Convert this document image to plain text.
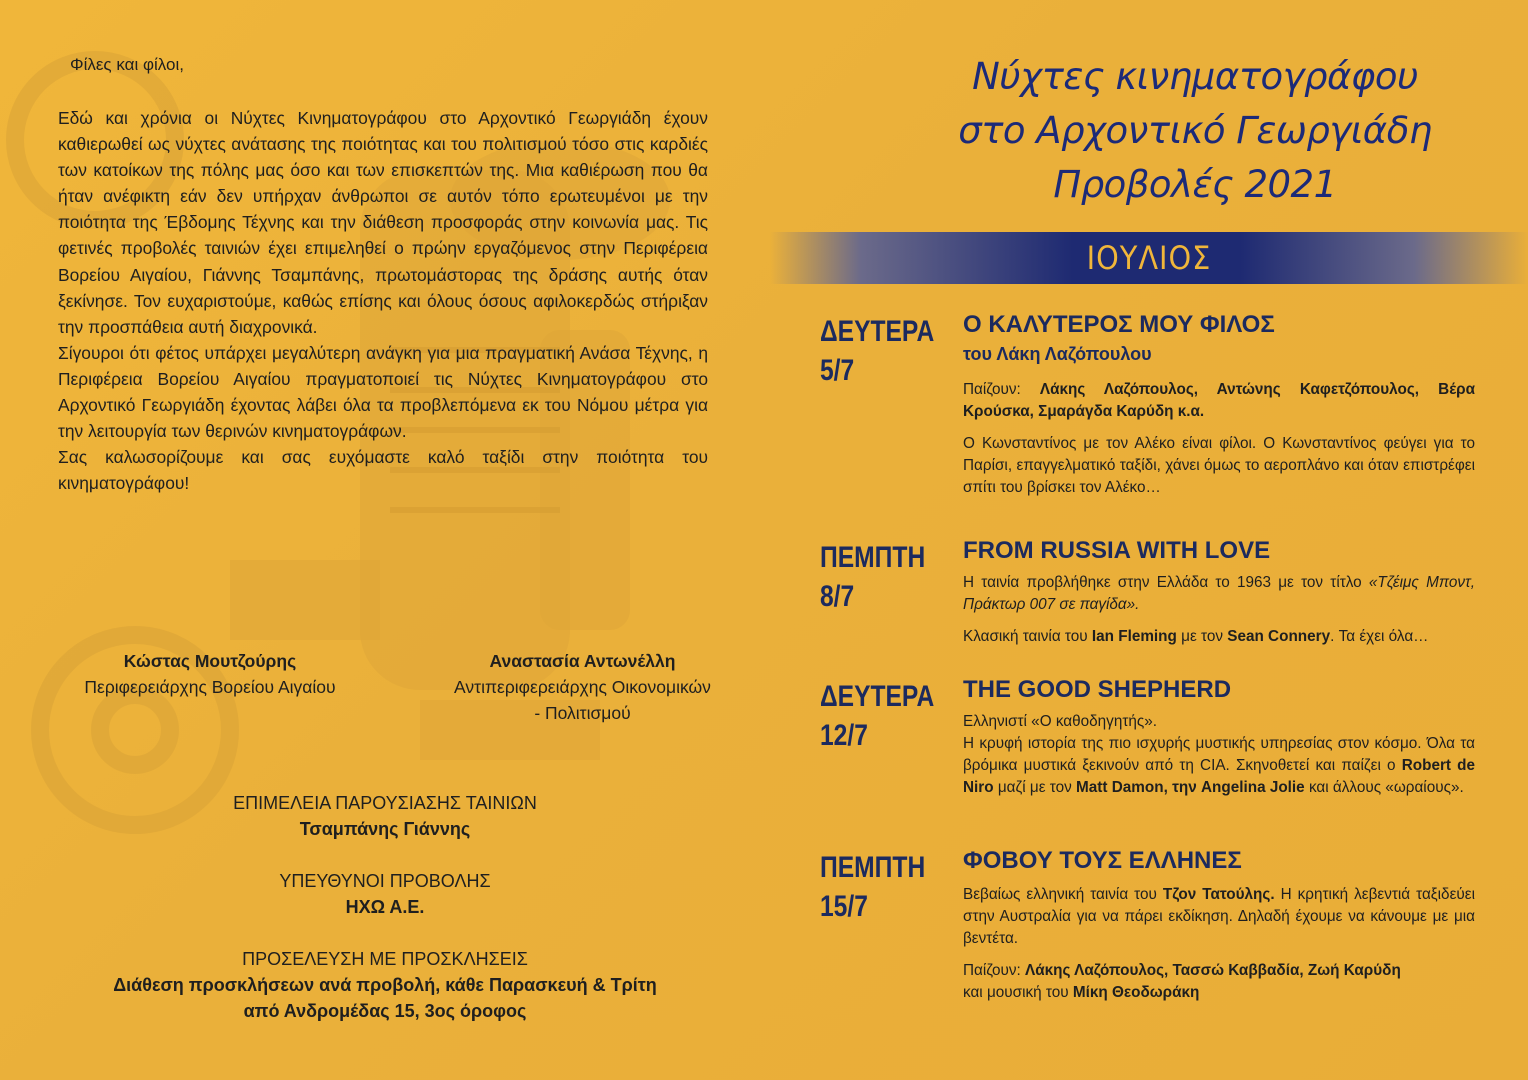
Φίλες και φίλοι,

Εδώ και χρόνια οι Νύχτες Κινηματογράφου στο Αρχοντικό Γεωργιάδη έχουν καθιερωθεί ως νύχτες ανάτασης της ποιότητας και του πολιτισμού τόσο στις καρδιές των κατοίκων της πόλης μας όσο και των επισκεπτών της. Μια καθιέρωση που θα ήταν ανέφικτη εάν δεν υπήρχαν άνθρωποι σε αυτόν τόπο ερωτευμένοι με την ποιότητα της Έβδομης Τέχνης και την διάθεση προσφοράς στην κοινωνία μας. Τις φετινές προβολές ταινιών έχει επιμεληθεί ο πρώην εργαζόμενος στην Περιφέρεια Βορείου Αιγαίου, Γιάννης Τσαμπάνης, πρωτομάστορας της δράσης αυτής όταν ξεκίνησε. Τον ευχαριστούμε, καθώς επίσης και όλους όσους αφιλοκερδώς στήριξαν την προσπάθεια αυτή διαχρονικά.
Σίγουροι ότι φέτος υπάρχει μεγαλύτερη ανάγκη για μια πραγματική Ανάσα Τέχνης, η Περιφέρεια Βορείου Αιγαίου πραγματοποιεί τις Νύχτες Κινηματογράφου στο Αρχοντικό Γεωργιάδη έχοντας λάβει όλα τα προβλεπόμενα εκ του Νόμου μέτρα για την λειτουργία των θερινών κινηματογράφων.
Σας καλωσορίζουμε και σας ευχόμαστε καλό ταξίδι στην ποιότητα του κινηματογράφου!

Κώστας Μουτζούρης
Περιφερειάρχης Βορείου Αιγαίου
Αναστασία Αντωνέλλη
Αντιπεριφερειάρχης Οικονομικών - Πολιτισμού
ΕΠΙΜΕΛΕΙΑ ΠΑΡΟΥΣΙΑΣΗΣ ΤΑΙΝΙΩΝ
Τσαμπάνης Γιάννης
ΥΠΕΥΘΥΝΟΙ ΠΡΟΒΟΛΗΣ
ΗΧΩ Α.Ε.
ΠΡΟΣΕΛΕΥΣΗ ΜΕ ΠΡΟΣΚΛΗΣΕΙΣ
Διάθεση προσκλήσεων ανά προβολή, κάθε Παρασκευή & Τρίτη
από Ανδρομέδας 15, 3ος όροφος
Νύχτες κινηματογράφου
στο Αρχοντικό Γεωργιάδη
Προβολές 2021
ΙΟΥΛΙΟΣ
ΔΕΥΤΕΡΑ
5/7
Ο ΚΑΛΥΤΕΡΟΣ ΜΟΥ ΦΙΛΟΣ
του Λάκη Λαζόπουλου

Παίζουν: Λάκης Λαζόπουλος, Αντώνης Καφετζόπουλος, Βέρα Κρούσκα, Σμαράγδα Καρύδη κ.α.

Ο Κωνσταντίνος με τον Αλέκο είναι φίλοι. Ο Κωνσταντίνος φεύγει για το Παρίσι, επαγγελματικό ταξίδι, χάνει όμως το αεροπλάνο και όταν επιστρέφει σπίτι του βρίσκει τον Αλέκο…

ΠΕΜΠΤΗ
8/7
FROM RUSSIA WITH LOVE

Η ταινία προβλήθηκε στην Ελλάδα το 1963 με τον τίτλο «Τζέιμς Μποντ, Πράκτωρ 007 σε παγίδα».

Κλασική ταινία του Ian Fleming με τον Sean Connery. Τα έχει όλα…

ΔΕΥΤΕΡΑ
12/7
THE GOOD SHEPHERD

Ελληνιστί «Ο καθοδηγητής».

Η κρυφή ιστορία της πιο ισχυρής μυστικής υπηρεσίας στον κόσμο. Όλα τα βρόμικα μυστικά ξεκινούν από τη CIA. Σκηνοθετεί και παίζει ο Robert de Niro μαζί με τον Matt Damon, την Angelina Jolie και άλλους «ωραίους».

ΠΕΜΠΤΗ
15/7
ΦΟΒΟΥ ΤΟΥΣ ΕΛΛΗΝΕΣ

Βεβαίως ελληνική ταινία του Τζον Τατούλης. Η κρητική λεβεντιά ταξιδεύει στην Αυστραλία για να πάρει εκδίκηση. Δηλαδή έχουμε να κάνουμε με μια βεντέτα.

Παίζουν: Λάκης Λαζόπουλος, Τασσώ Καββαδία, Ζωή Καρύδη
και μουσική του Μίκη Θεοδωράκη
